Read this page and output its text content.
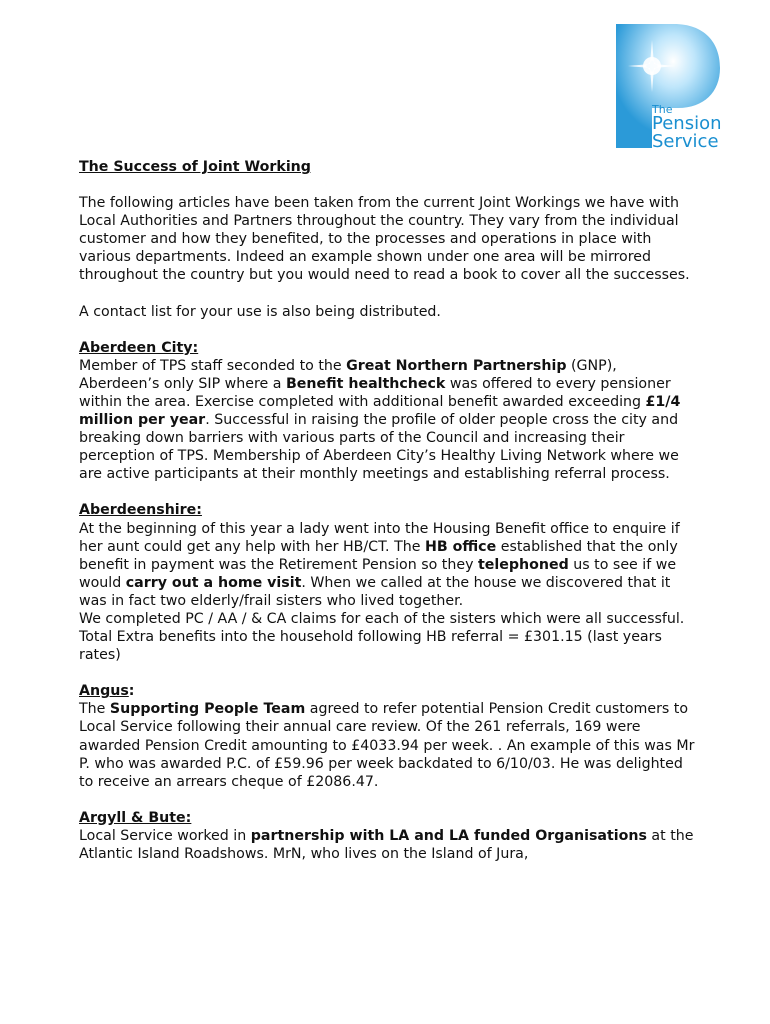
The
Pension
Service

The Success of Joint Working

The following articles have been taken from the current Joint Workings we have with Local Authorities and Partners throughout the country. They vary from the individual customer and how they benefited, to the processes and operations in place with various departments. Indeed an example shown under one area will be mirrored throughout the country but you would need to read a book to cover all the successes.

A contact list for your use is also being distributed.

Aberdeen City:

Member of TPS staff seconded to the Great Northern Partnership (GNP), Aberdeen’s only SIP where a Benefit healthcheck was offered to every pensioner within the area. Exercise completed with additional benefit awarded exceeding £1/4 million per year. Successful in raising the profile of older people cross the city and breaking down barriers with various parts of the Council and increasing their perception of TPS. Membership of Aberdeen City’s Healthy Living Network where we are active participants at their monthly meetings and establishing referral process.

Aberdeenshire:

At the beginning of this year a lady went into the Housing Benefit office to enquire if her aunt could get any help with her HB/CT. The HB office established that the only benefit in payment was the Retirement Pension so they telephoned us to see if we would carry out a home visit. When we called at the house we discovered that it was in fact two elderly/frail sisters who lived together.

We completed PC / AA / & CA claims for each of the sisters which were all successful.

Total Extra benefits into the household following HB referral = £301.15 (last years rates)

Angus:

The Supporting People Team agreed to refer potential Pension Credit customers to Local Service following their annual care review. Of the 261 referrals, 169 were awarded Pension Credit amounting to £4033.94 per week. . An example of this was Mr P. who was awarded P.C. of £59.96 per week backdated to 6/10/03. He was delighted to receive an arrears cheque of £2086.47.

Argyll & Bute:

Local Service worked in partnership with LA and LA funded Organisations at the Atlantic Island Roadshows. MrN, who lives on the Island of Jura,
